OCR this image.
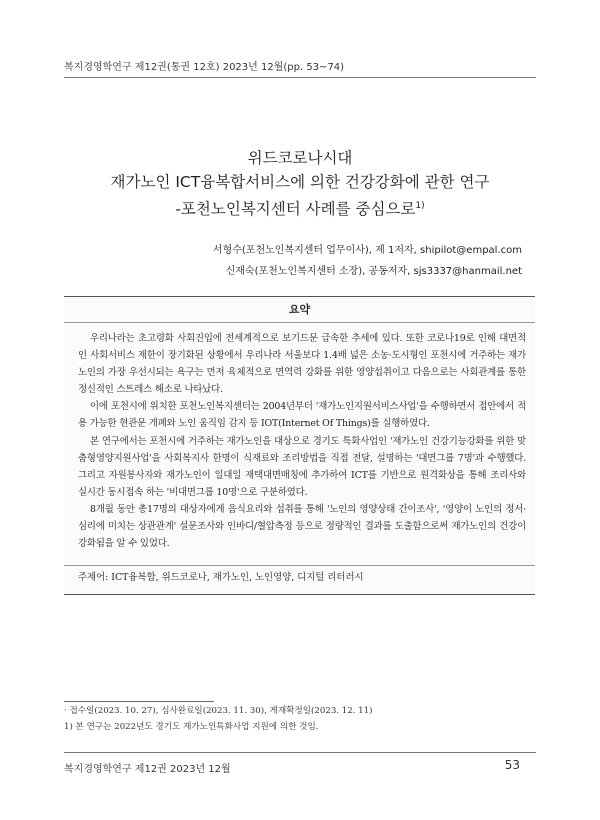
복지경영학연구 제12권(통권 12호) 2023년 12월(pp. 53~74)
위드코로나시대
재가노인 ICT융복합서비스에 의한 건강강화에 관한 연구
-포천노인복지센터 사례를 중심으로$^{1)}$
서형수(포천노인복지센터 업무이사), 제 1저자, shipilot@empal.com
신재숙(포천노인복지센터 소장), 공동저자, sjs3337@hanmail.net
요약

우리나라는 초고령화 사회진입에 전세계적으로 보기드문 급속한 추세에 있다. 또한 코로나19로 인해 대면적인 사회서비스 제한이 장기화된 상황에서 우리나라 서울보다 1.4배 넓은 소농·도시형인 포천시에 거주하는 재가노인의 가장 우선시되는 욕구는 먼저 육체적으로 면역력 강화를 위한 영양섭취이고 다음으로는 사회관계를 통한 정신적인 스트레스 해소로 나타났다.

이에 포천시에 위치한 포천노인복지센터는 2004년부터 '재가노인지원서비스사업'을 수행하면서 접안에서 적용 가능한 현관문 개폐와 노인 움직임 감지 등 IOT(Internet Of Things)를 실행하였다.

본 연구에서는 포천시에 거주하는 재가노인을 대상으로 경기도 특화사업인 '재가노인 건강기능강화를 위한 맞춤형영양지원사업'을 사회복지사 한명이 식재료와 조리방법을 직접 전달, 설명하는 '대면그룹 7명'과 수행했다. 그리고 자원봉사자와 재가노인이 일대일 재택대면매칭에 추가하여 ICT를 기반으로 원격화상을 통해 조리사와 실시간 동시접속 하는 '비대면그룹 10명'으로 구분하였다.

8개월 동안 총17명의 대상자에게 음식요리와 섭취를 통해 '노인의 영양상태 간이조사', '영양이 노인의 정서·심리에 미치는 상관관계' 설문조사와 인바디/혈압측정 등으로 정량적인 결과를 도출함으로써 재가노인의 건강이 강화됨을 알 수 있었다.

주제어: ICT융복합, 위드코로나, 재가노인, 노인영양, 디지털 리터러시
· 접수일(2023. 10. 27), 심사완료일(2023. 11. 30), 게재확정일(2023. 12. 11)
1) 본 연구는 2022년도 경기도 재가노인특화사업 지원에 의한 것임.
복지경영학연구 제12권 2023년 12월	53
